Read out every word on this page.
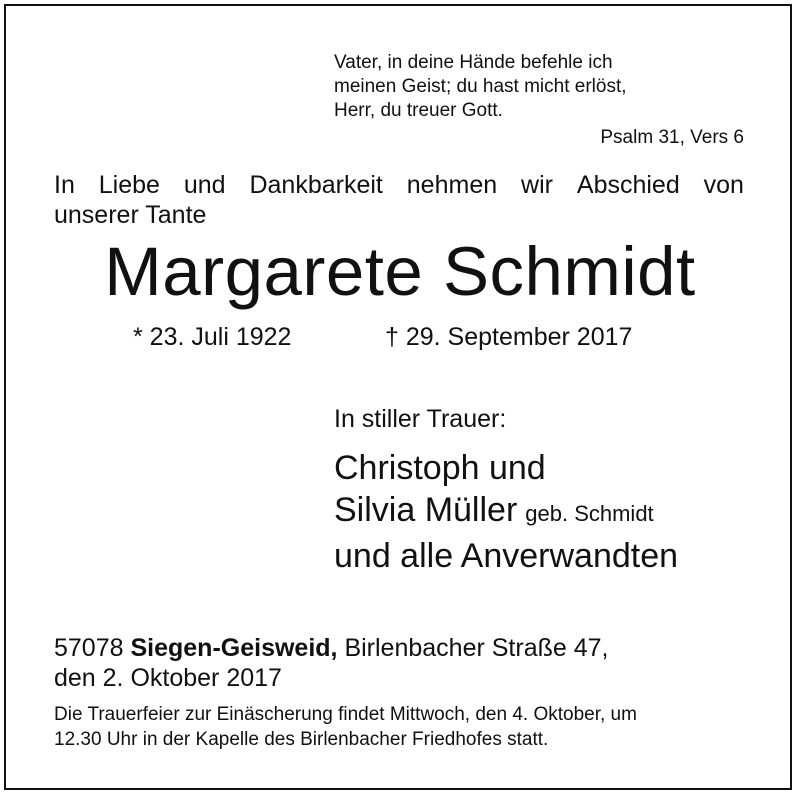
Vater, in deine Hände befehle ich
meinen Geist; du hast micht erlöst,
Herr, du treuer Gott.
Psalm 31, Vers 6
In Liebe und Dankbarkeit nehmen wir Abschied von
unserer Tante
Margarete Schmidt
* 23. Juli 1922	† 29. September 2017
In stiller Trauer:
Christoph und
Silvia Müller geb. Schmidt
und alle Anverwandten
57078 Siegen-Geisweid, Birlenbacher Straße 47,
den 2. Oktober 2017
Die Trauerfeier zur Einäscherung findet Mittwoch, den 4. Oktober, um
12.30 Uhr in der Kapelle des Birlenbacher Friedhofes statt.
